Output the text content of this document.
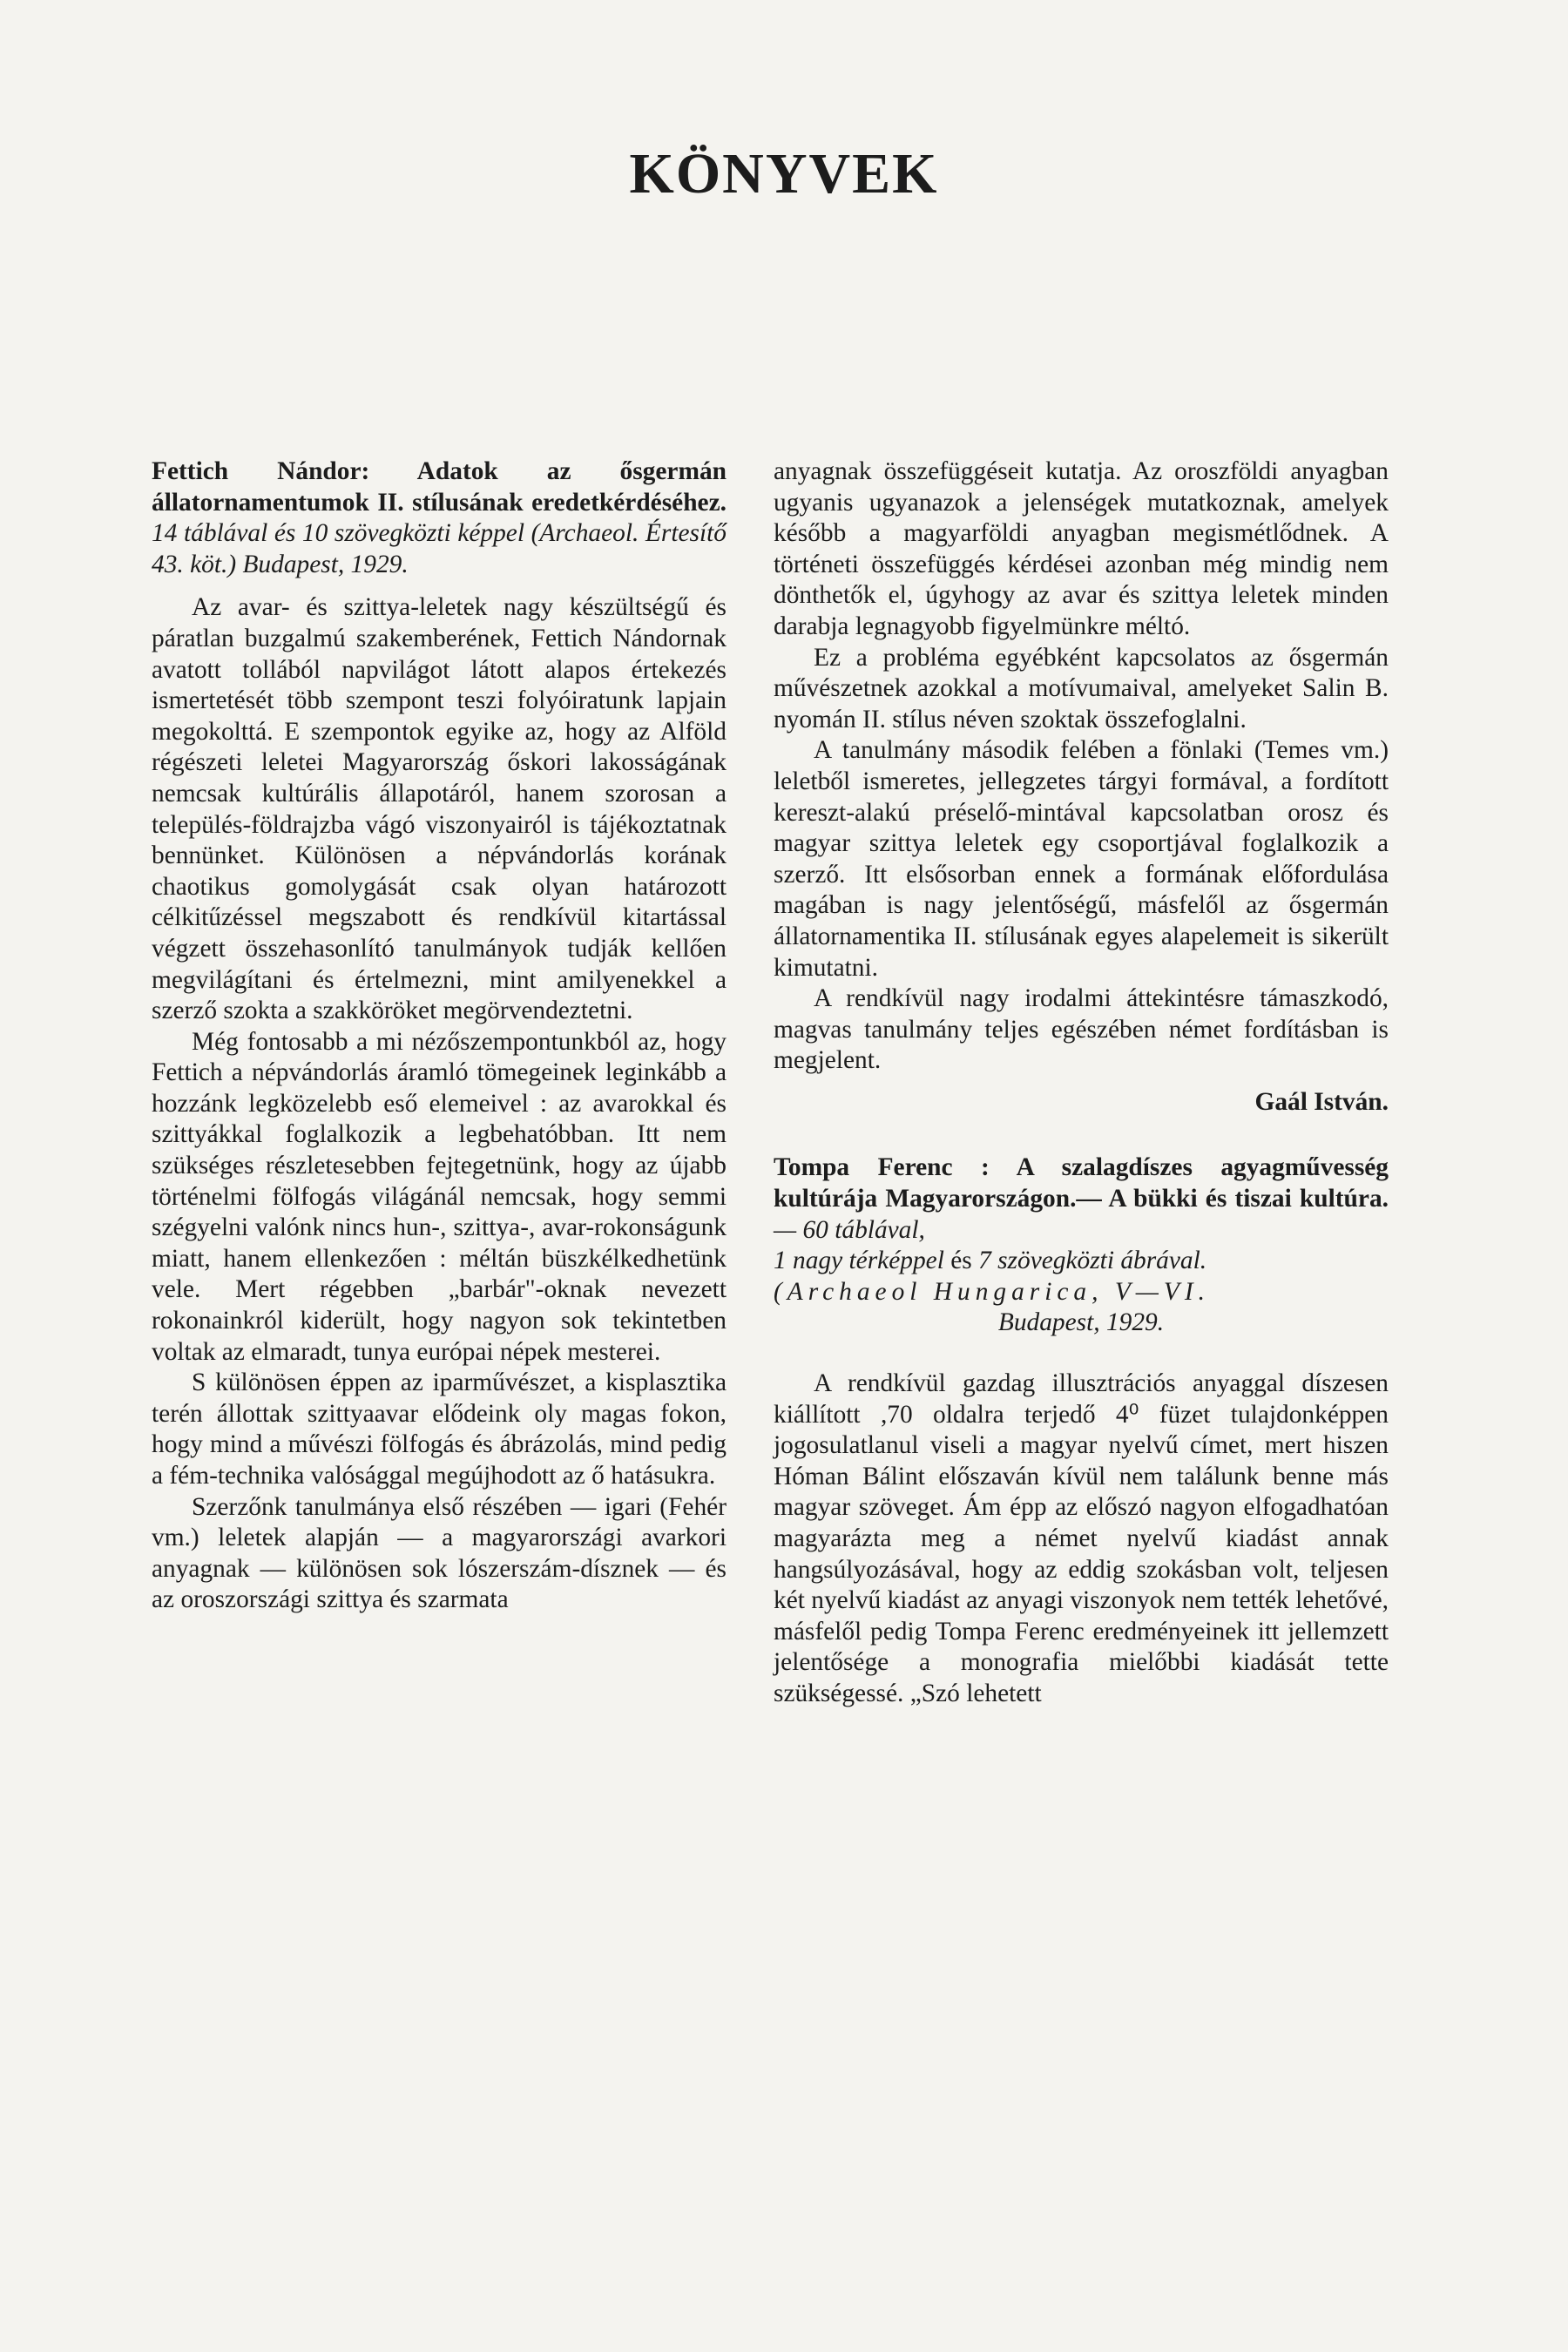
KÖNYVEK
Fettich Nándor: Adatok az ősgermán állatornamentumok II. stílusának eredetkérdéséhez. 14 táblával és 10 szövegközti képpel (Archaeol. Értesítő 43. köt.) Budapest, 1929.

Az avar- és szittya-leletek nagy készültségű és páratlan buzgalmú szakemberének, Fettich Nándornak avatott tollából napvilágot látott alapos értekezés ismertetését több szempont teszi folyóiratunk lapjain megokolttá. E szempontok egyike az, hogy az Alföld régészeti leletei Magyarország őskori lakosságának nemcsak kultúrális állapotáról, hanem szorosan a település-földrajzba vágó viszonyairól is tájékoztatnak bennünket. Különösen a népvándorlás korának chaotikus gomolygását csak olyan határozott célkitűzéssel megszabott és rendkívül kitartással végzett összehasonlító tanulmányok tudják kellően megvilágítani és értelmezni, mint amilyenekkel a szerző szokta a szakköröket megörvendeztetni.

Még fontosabb a mi nézőszempontunkból az, hogy Fettich a népvándorlás áramló tömegeinek leginkább a hozzánk legközelebb eső elemeivel : az avarokkal és szittyákkal foglalkozik a legbehatóbban. Itt nem szükséges részletesebben fejtegetnünk, hogy az újabb történelmi fölfogás világánál nemcsak, hogy semmi szégyelni valónk nincs hun-, szittya-, avar-rokonságunk miatt, hanem ellenkezően : méltán büszkélkedhetünk vele. Mert régebben „barbár"-oknak nevezett rokonainkról kiderült, hogy nagyon sok tekintetben voltak az elmaradt, tunya európai népek mesterei.

S különösen éppen az iparművészet, a kisplasztika terén állottak szittyaavar elődeink oly magas fokon, hogy mind a művészi fölfogás és ábrázolás, mind pedig a fém-technika valósággal megújhodott az ő hatásukra.

Szerzőnk tanulmánya első részében — igari (Fehér vm.) leletek alapján — a magyarországi avarkori anyagnak — különösen sok lószerszám-dísznek — és az oroszországi szittya és szarmata

anyagnak összefüggéseit kutatja. Az oroszföldi anyagban ugyanis ugyanazok a jelenségek mutatkoznak, amelyek később a magyarföldi anyagban megismétlődnek. A történeti összefüggés kérdései azonban még mindig nem dönthetők el, úgyhogy az avar és szittya leletek minden darabja legnagyobb figyelmünkre méltó.

Ez a probléma egyébként kapcsolatos az ősgermán művészetnek azokkal a motívumaival, amelyeket Salin B. nyomán II. stílus néven szoktak összefoglalni.

A tanulmány második felében a fönlaki (Temes vm.) leletből ismeretes, jellegzetes tárgyi formával, a fordított kereszt-alakú préselő-mintával kapcsolatban orosz és magyar szittya leletek egy csoportjával foglalkozik a szerző. Itt elsősorban ennek a formának előfordulása magában is nagy jelentőségű, másfelől az ősgermán állatornamentika II. stílusának egyes alapelemeit is sikerült kimutatni.

A rendkívül nagy irodalmi áttekintésre támaszkodó, magvas tanulmány teljes egészében német fordításban is megjelent.

Gaál István.
Tompa Ferenc : A szalagdíszes agyagművesség kultúrája Magyarországon.— A bükki és tiszai kultúra. — 60 táblával,
1 nagy térképpel és 7 szövegközti ábrával.
(Archaeol Hungarica, V—VI.
Budapest, 1929.

A rendkívül gazdag illusztrációs anyaggal díszesen kiállított ,70 oldalra terjedő 4⁰ füzet tulajdonképpen jogosulatlanul viseli a magyar nyelvű címet, mert hiszen Hóman Bálint előszaván kívül nem találunk benne más magyar szöveget. Ám épp az előszó nagyon elfogadhatóan magyarázta meg a német nyelvű kiadást annak hangsúlyozásával, hogy az eddig szokásban volt, teljesen két nyelvű kiadást az anyagi viszonyok nem tették lehetővé, másfelől pedig Tompa Ferenc eredményeinek itt jellemzett jelentősége a monografia mielőbbi kiadását tette szükségessé. „Szó lehetett
